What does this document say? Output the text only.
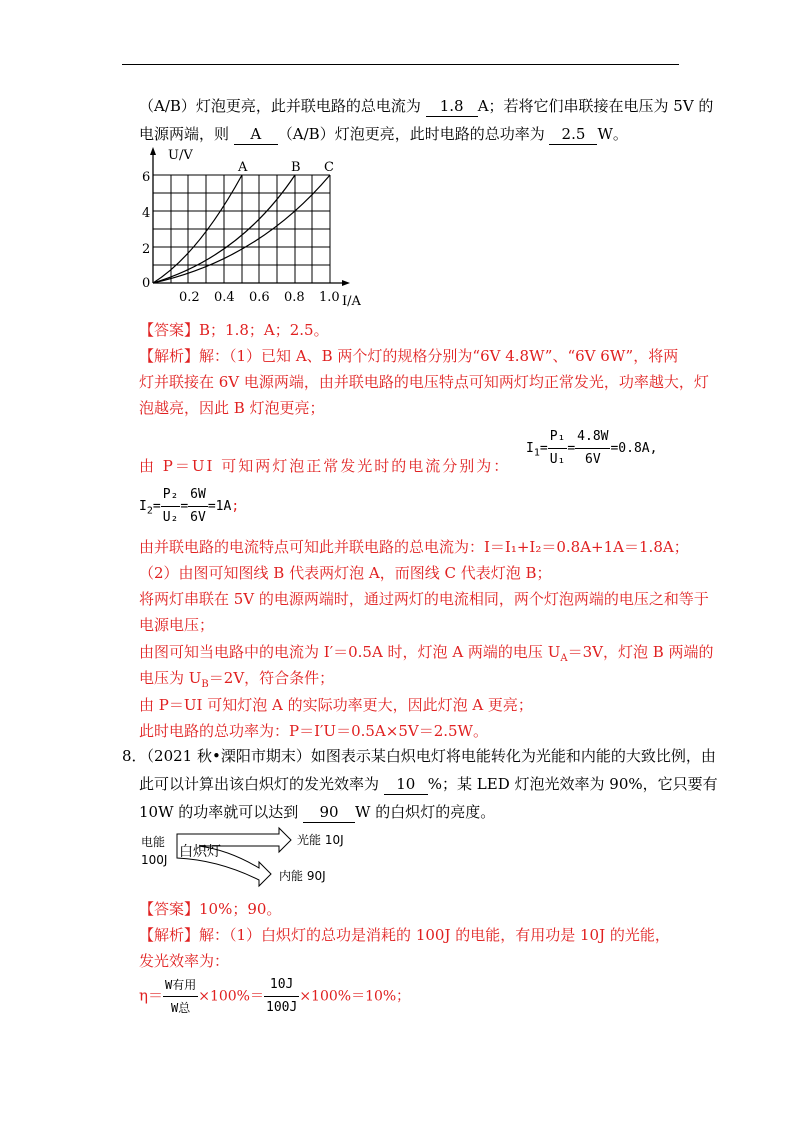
（A/B）灯泡更亮，此并联电路的总电流为 1.8 A；若将它们串联接在电压为 5V 的
电源两端，则 A （A/B）灯泡更亮，此时电路的总功率为 2.5 W。
U/V
6
4
2
0
0.2 0.4 0.6 0.8 1.0 I/A
A	B C
【答案】B；1.8；A；2.5。
【解析】解：（1）已知 A、B 两个灯的规格分别为“6V 4.8W”、“6V 6W”，将两
灯并联接在 6V 电源两端，由并联电路的电压特点可知两灯均正常发光，功率越大，灯
泡越亮，因此 B 灯泡更亮；
$I_1= \frac{\text{P₁}}{\text{U₁}} = \frac{4.8W}{6V} =0.8A$,
由 P＝UI 可知两灯泡正常发光时的电流分别为：
$I_2= \frac{\text{P₂}}{\text{U₂}} = \frac{6W}{6V} =1A$;
由并联电路的电流特点可知此并联电路的总电流为：I＝I₁+I₂＝0.8A+1A＝1.8A；
（2）由图可知图线 B 代表两灯泡 A，而图线 C 代表灯泡 B；
将两灯串联在 5V 的电源两端时，通过两灯的电流相同，两个灯泡两端的电压之和等于
电源电压；
由图可知当电路中的电流为 I′＝0.5A 时，灯泡 A 两端的电压 $U_A=3V$，灯泡 B 两端的
电压为 $U_B=2V$，符合条件；
由 P＝UI 可知灯泡 A 的实际功率更大，因此灯泡 A 更亮；
此时电路的总功率为：P＝I′U＝0.5A×5V＝2.5W。
8．（2021 秋•溧阳市期末）如图表示某白炽电灯将电能转化为光能和内能的大致比例，由
此可以计算出该白炽灯的发光效率为 10 %；某 LED 灯泡光效率为 90%，它只要有
10W 的功率就可以达到 90 W 的白炽灯的亮度。
电能
100J 白炽灯
光能 10J
内能 90J
【答案】10%；90。
【解析】解：（1）白炽灯的总功是消耗的 100J 的电能，有用功是 10J 的光能，
发光效率为：
$\eta= \frac{\text{W有用}}{\text{W总}} \times 100\%= \frac{10J}{100J} \times 100\%=10\%$；
